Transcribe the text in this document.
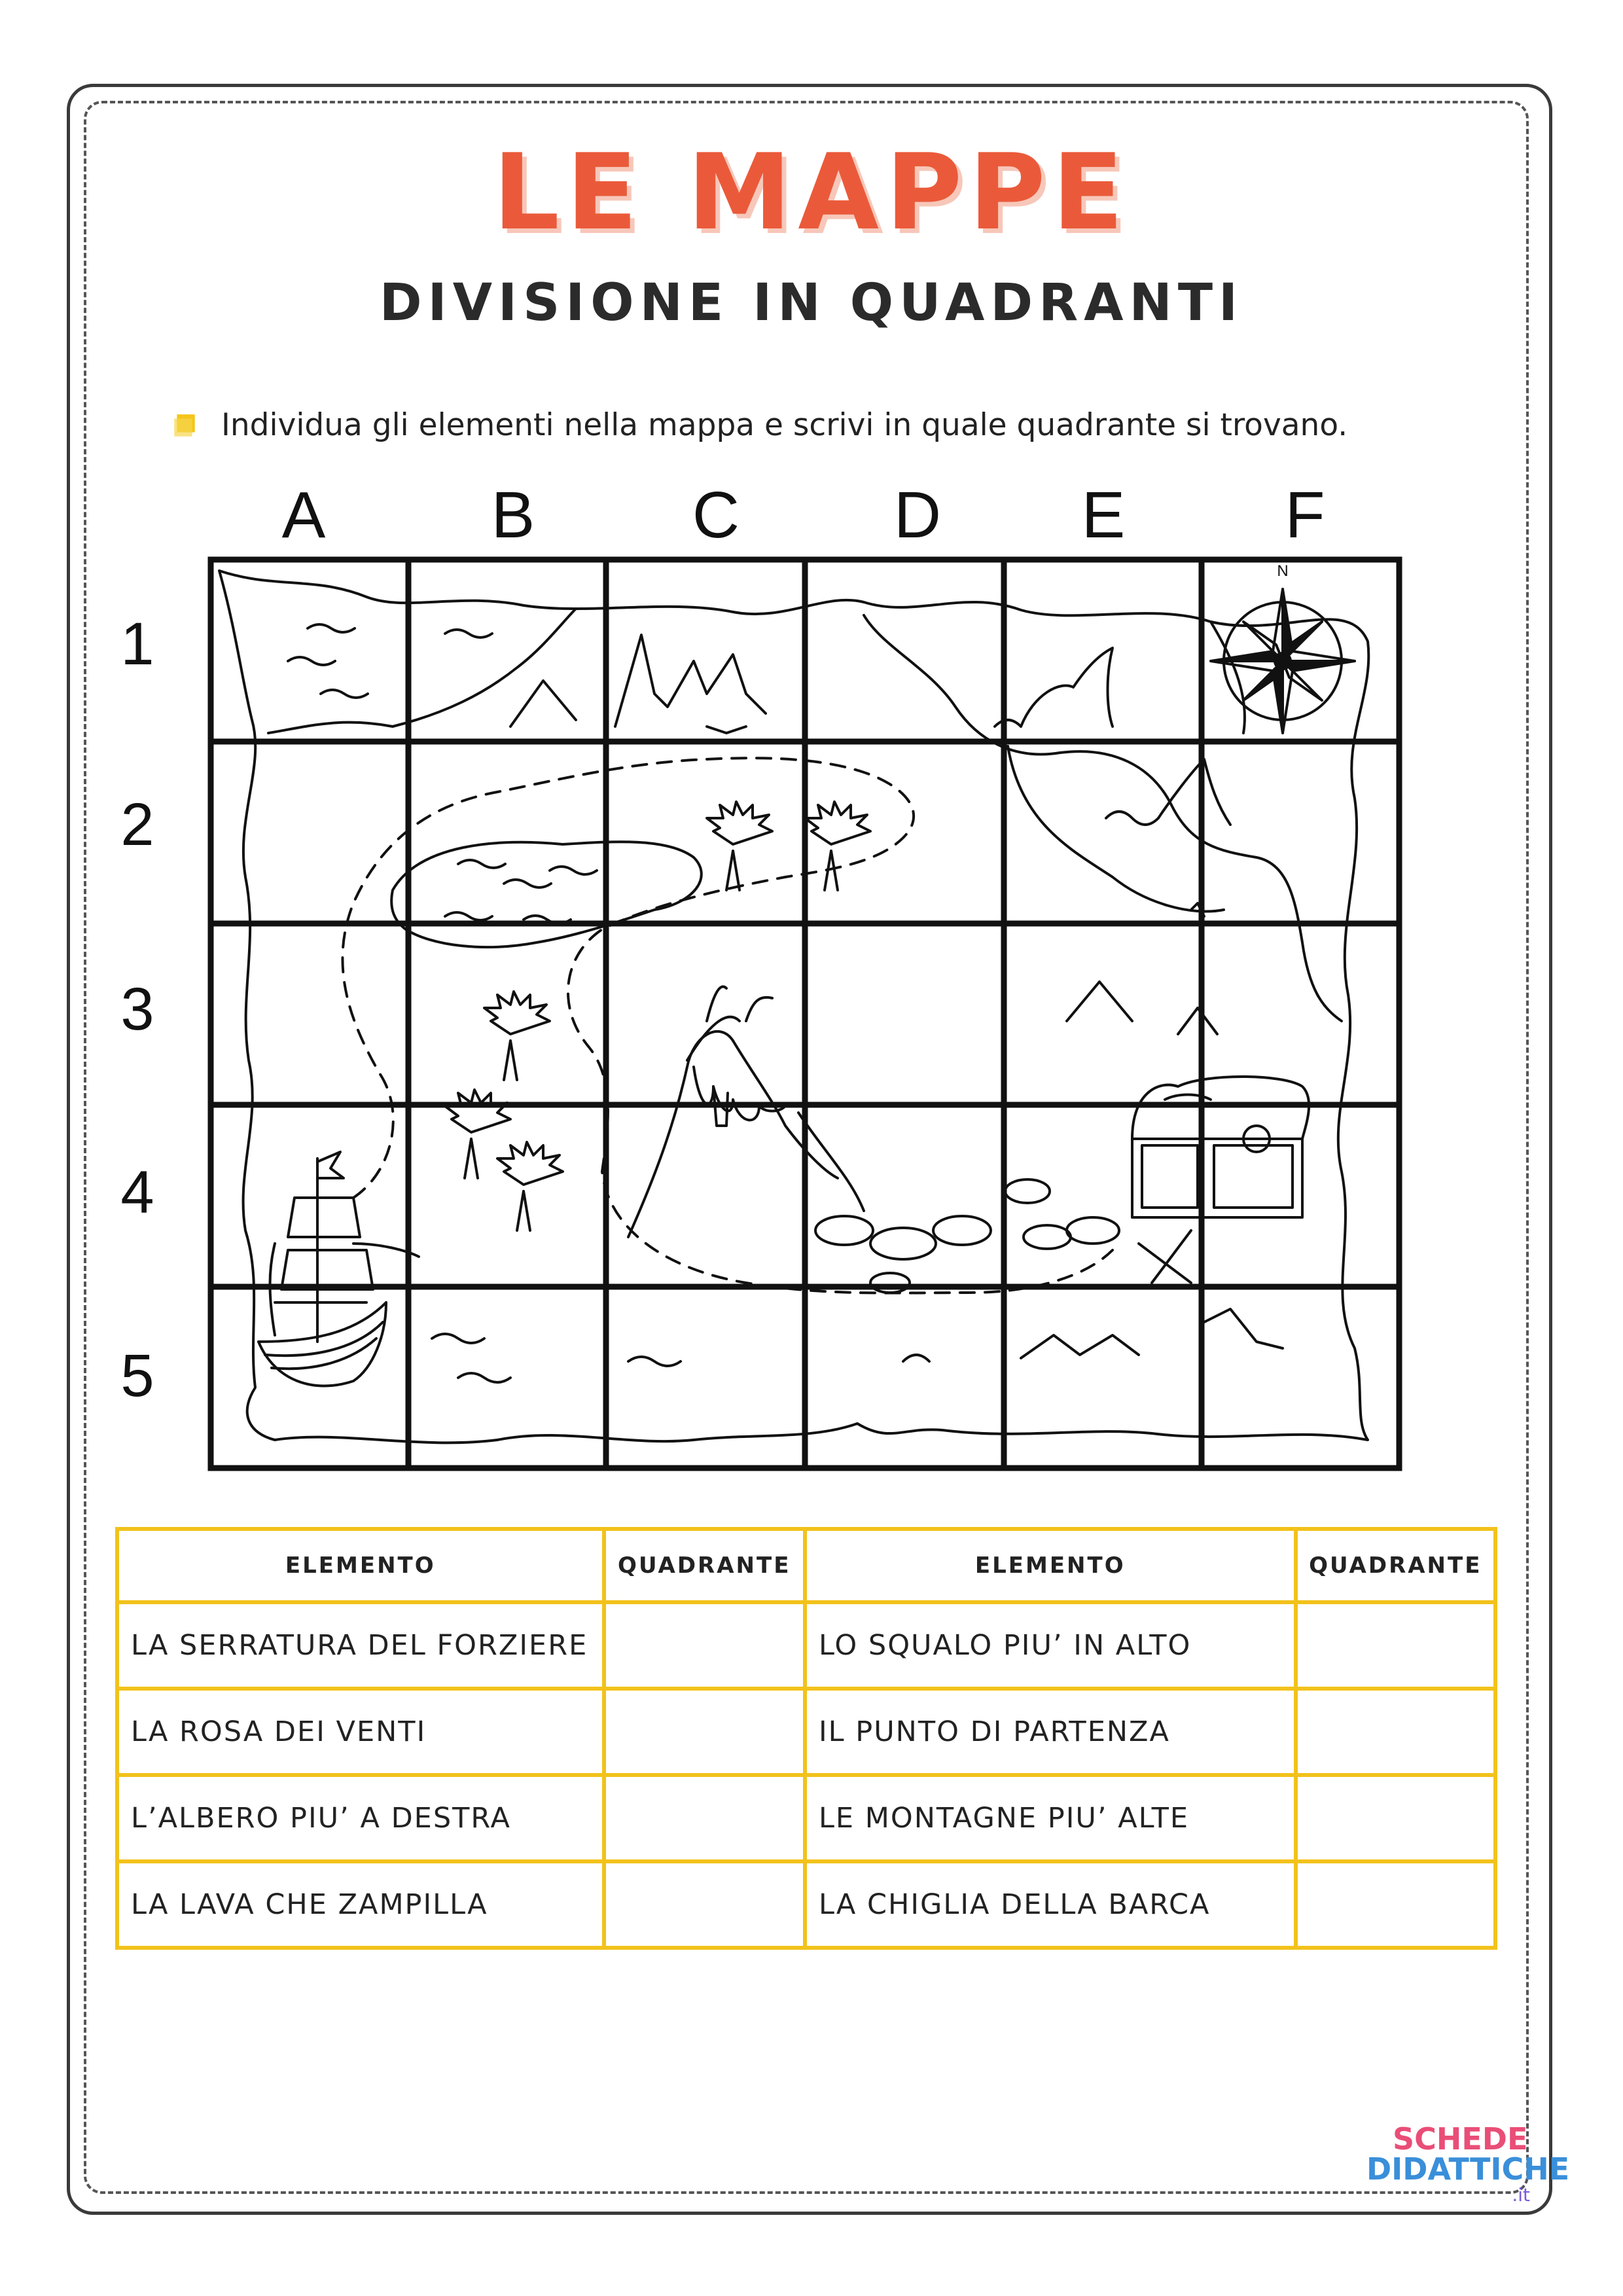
LE MAPPE
DIVISIONE IN QUADRANTI
Individua gli elementi nella mappa e scrivi in quale quadrante si trovano.
A	B C D E F
1
2
3
4
5
N
ELEMENTO	QUADRANTE	ELEMENTO	QUADRANTE
LA SERRATURA DEL FORZIERE		LO SQUALO PIU’ IN ALTO	
LA ROSA DEI VENTI		IL PUNTO DI PARTENZA	
L’ALBERO PIU’ A DESTRA		LE MONTAGNE PIU’ ALTE	
LA LAVA CHE ZAMPILLA		LA CHIGLIA DELLA BARCA	
SCHEDE
DIDATTICHE
.it
